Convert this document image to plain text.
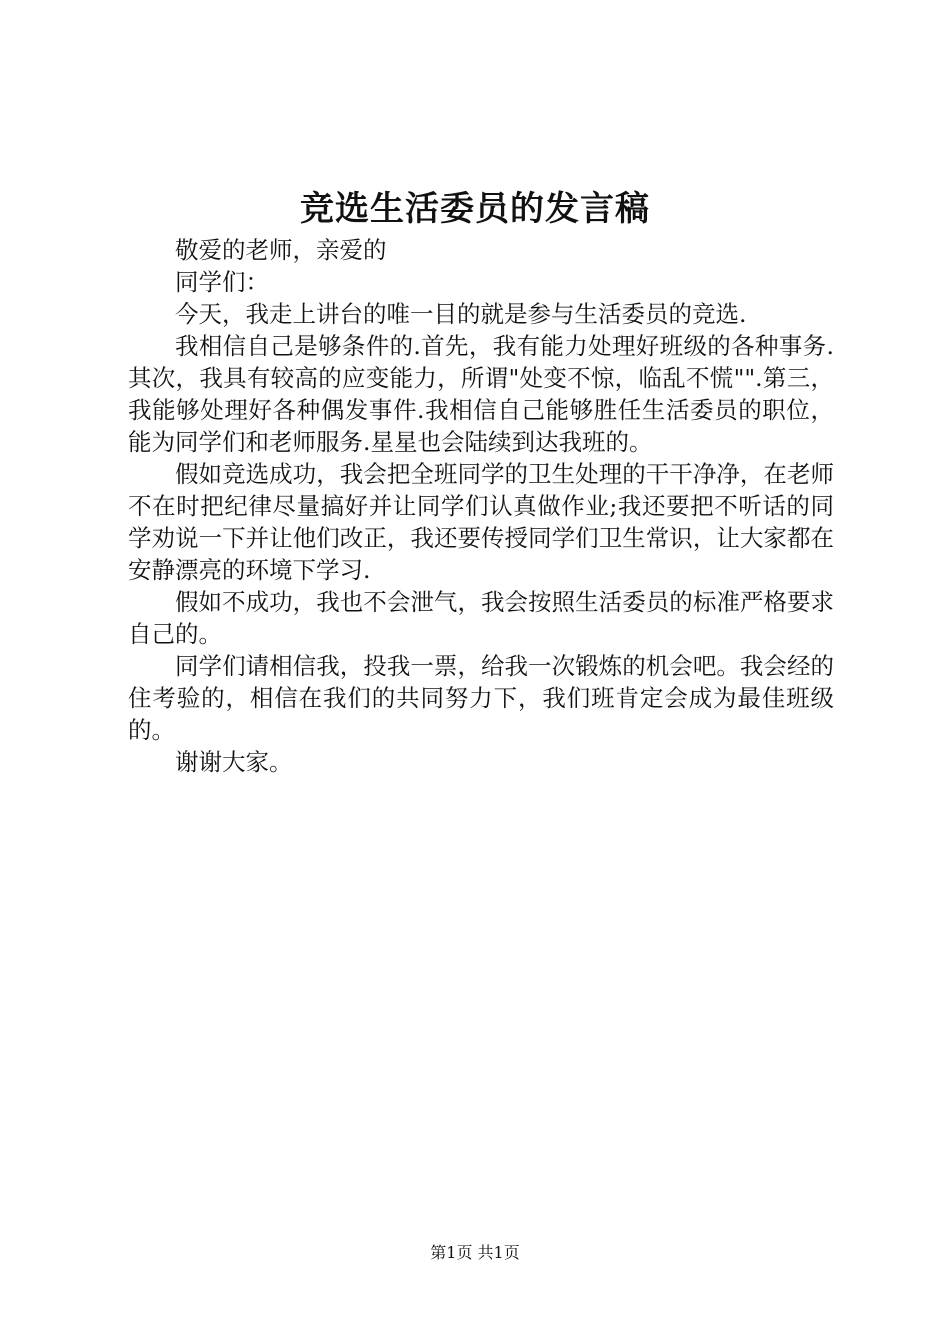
竞选生活委员的发言稿

敬爱的老师，亲爱的

同学们：

今天，我走上讲台的唯一目的就是参与生活委员的竞选.

我相信自己是够条件的.首先，我有能力处理好班级的各种事务.其次，我具有较高的应变能力，所谓"处变不惊，临乱不慌"".第三，我能够处理好各种偶发事件.我相信自己能够胜任生活委员的职位，能为同学们和老师服务.星星也会陆续到达我班的。

假如竞选成功，我会把全班同学的卫生处理的干干净净，在老师不在时把纪律尽量搞好并让同学们认真做作业;我还要把不听话的同学劝说一下并让他们改正，我还要传授同学们卫生常识，让大家都在安静漂亮的环境下学习.

假如不成功，我也不会泄气，我会按照生活委员的标准严格要求自己的。

同学们请相信我，投我一票，给我一次锻炼的机会吧。我会经的住考验的，相信在我们的共同努力下，我们班肯定会成为最佳班级的。

谢谢大家。

第1页 共1页
